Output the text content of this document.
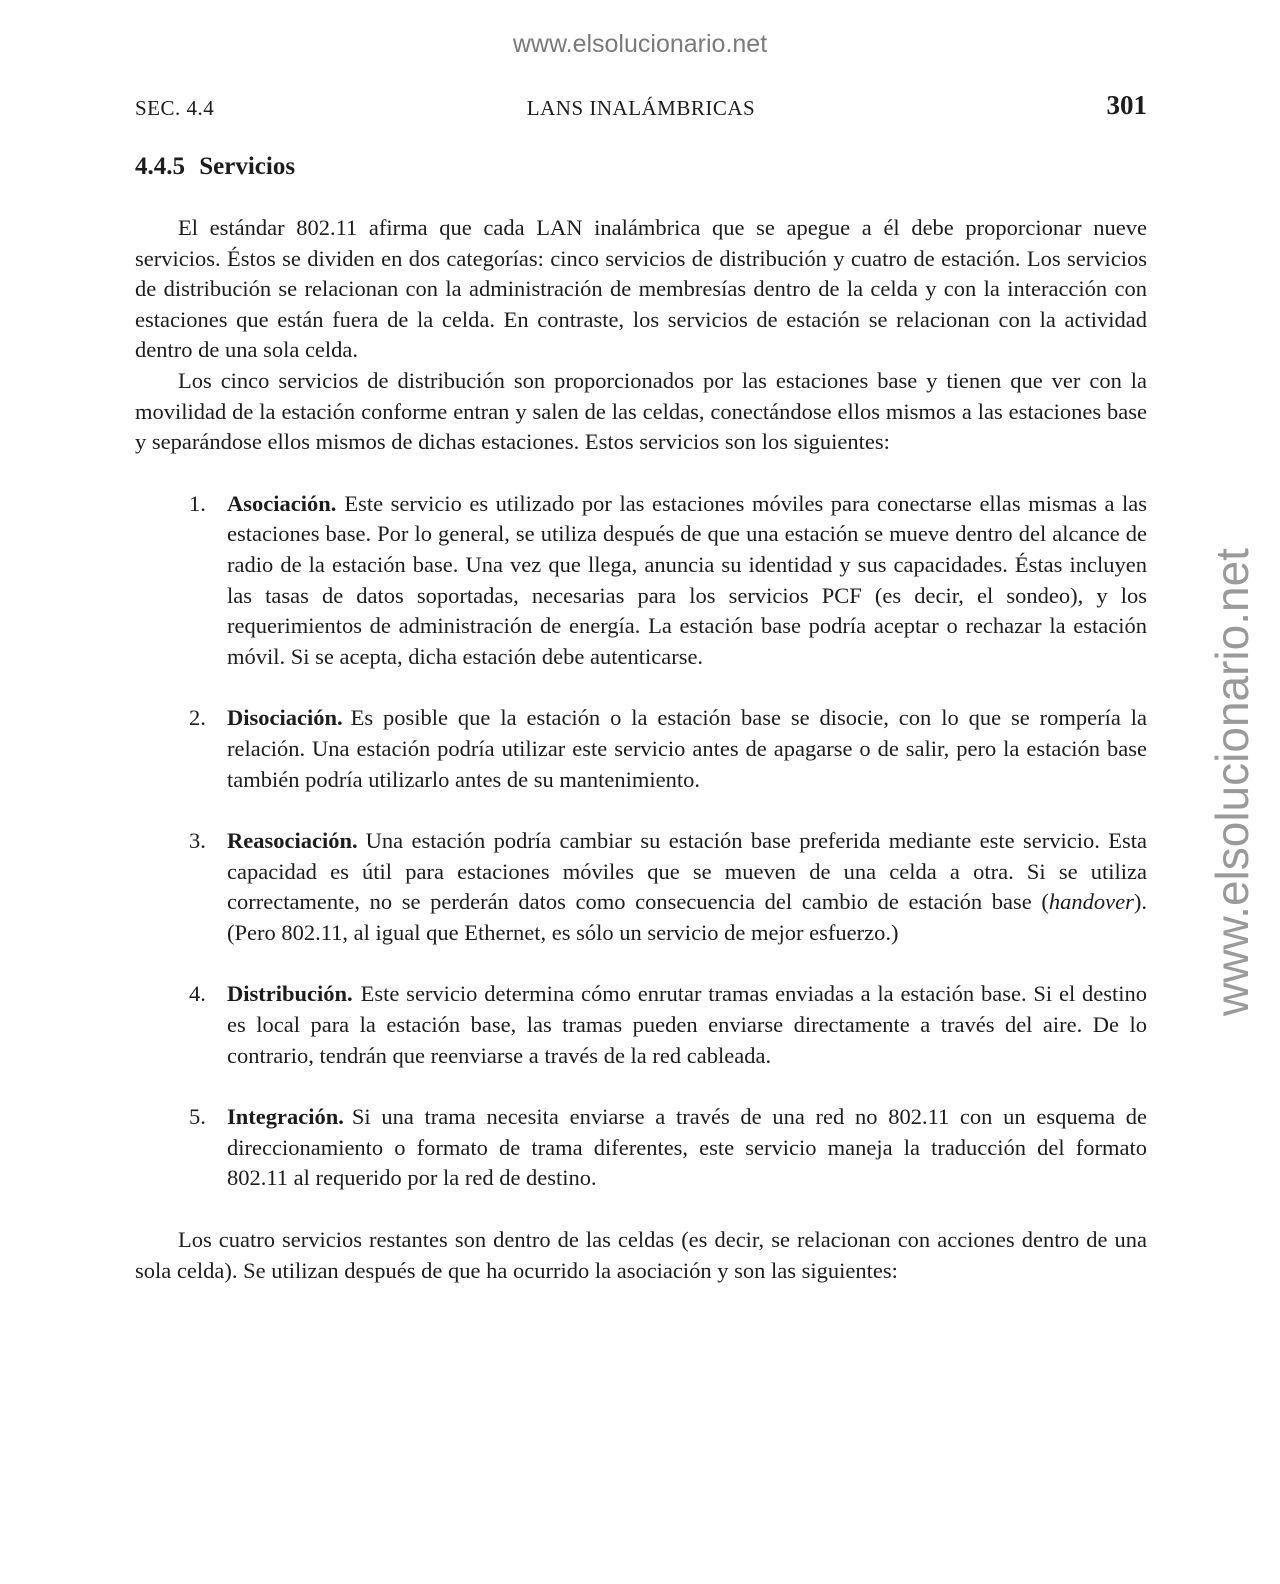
www.elsolucionario.net
www.elsolucionario.net
SEC. 4.4	LANS INALÁMBRICAS	301
4.4.5 Servicios

El estándar 802.11 afirma que cada LAN inalámbrica que se apegue a él debe proporcionar nueve servicios. Éstos se dividen en dos categorías: cinco servicios de distribución y cuatro de estación. Los servicios de distribución se relacionan con la administración de membresías dentro de la celda y con la interacción con estaciones que están fuera de la celda. En contraste, los servicios de estación se relacionan con la actividad dentro de una sola celda.

Los cinco servicios de distribución son proporcionados por las estaciones base y tienen que ver con la movilidad de la estación conforme entran y salen de las celdas, conectándose ellos mismos a las estaciones base y separándose ellos mismos de dichas estaciones. Estos servicios son los siguientes:

1. Asociación. Este servicio es utilizado por las estaciones móviles para conectarse ellas mismas a las estaciones base. Por lo general, se utiliza después de que una estación se mueve dentro del alcance de radio de la estación base. Una vez que llega, anuncia su identidad y sus capacidades. Éstas incluyen las tasas de datos soportadas, necesarias para los servicios PCF (es decir, el sondeo), y los requerimientos de administración de energía. La estación base podría aceptar o rechazar la estación móvil. Si se acepta, dicha estación debe autenticarse.
2. Disociación. Es posible que la estación o la estación base se disocie, con lo que se rompería la relación. Una estación podría utilizar este servicio antes de apagarse o de salir, pero la estación base también podría utilizarlo antes de su mantenimiento.
3. Reasociación. Una estación podría cambiar su estación base preferida mediante este servicio. Esta capacidad es útil para estaciones móviles que se mueven de una celda a otra. Si se utiliza correctamente, no se perderán datos como consecuencia del cambio de estación base (handover). (Pero 802.11, al igual que Ethernet, es sólo un servicio de mejor esfuerzo.)
4. Distribución. Este servicio determina cómo enrutar tramas enviadas a la estación base. Si el destino es local para la estación base, las tramas pueden enviarse directamente a través del aire. De lo contrario, tendrán que reenviarse a través de la red cableada.
5. Integración. Si una trama necesita enviarse a través de una red no 802.11 con un esquema de direccionamiento o formato de trama diferentes, este servicio maneja la traducción del formato 802.11 al requerido por la red de destino.

Los cuatro servicios restantes son dentro de las celdas (es decir, se relacionan con acciones dentro de una sola celda). Se utilizan después de que ha ocurrido la asociación y son las siguientes:
